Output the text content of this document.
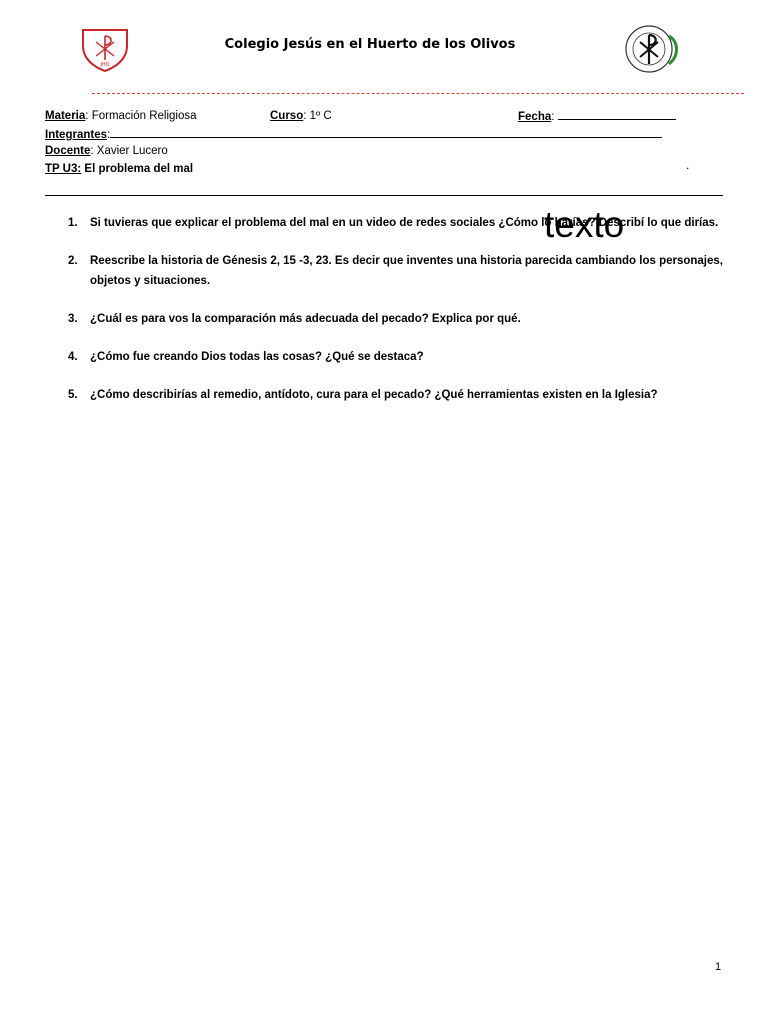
JHO
Colegio Jesús en el Huerto de los Olivos
Materia: Formación Religiosa	Curso: 1º C	Fecha:
Integrantes:
Docente: Xavier Lucero
TP U3: El problema del mal	.
1.	Si tuvieras que explicar el problema del mal en un video de redes sociales ¿Cómo lo harías? Describí lo que dirías.
2.	Reescribe la historia de Génesis 2, 15 -3, 23. Es decir que inventes una historia parecida cambiando los personajes, objetos y situaciones.
3.	¿Cuál es para vos la comparación más adecuada del pecado? Explica por qué.
4.	¿Cómo fue creando Dios todas las cosas? ¿Qué se destaca?
5.	¿Cómo describirías al remedio, antídoto, cura para el pecado? ¿Qué herramientas existen en la Iglesia?
texto
1
